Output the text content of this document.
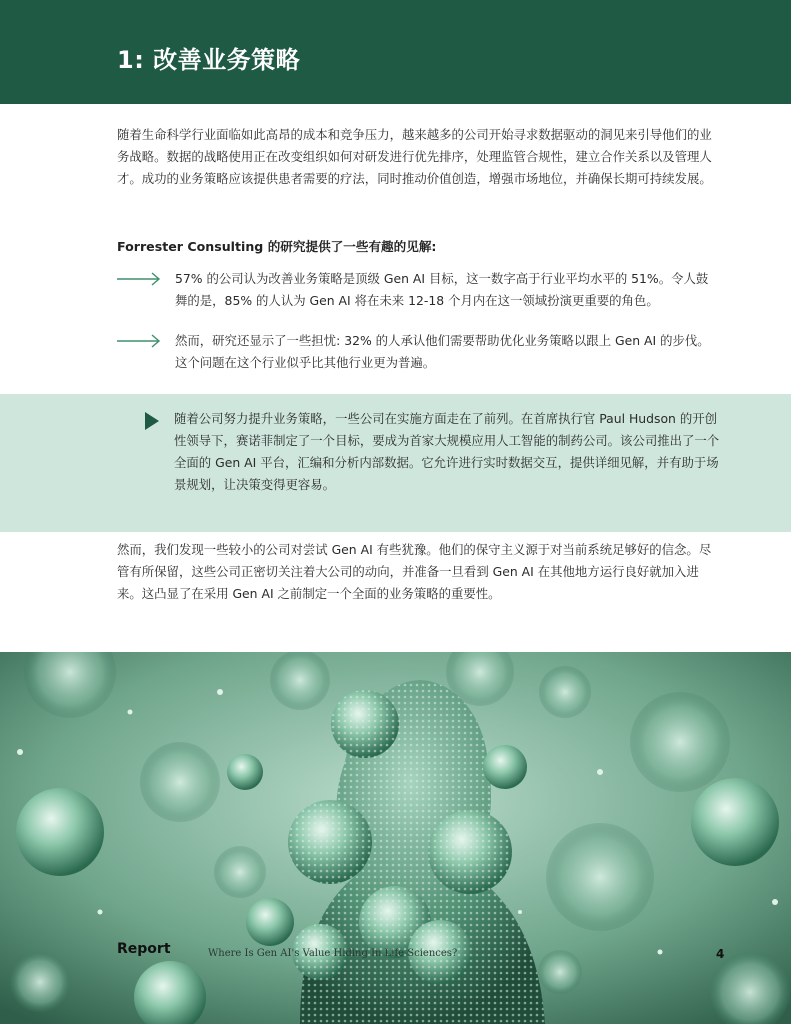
1: 改善业务策略

随着生命科学行业面临如此高昂的成本和竞争压力，越来越多的公司开始寻求数据驱动的洞见来引导他们的业务战略。数据的战略使用正在改变组织如何对研发进行优先排序，处理监管合规性，建立合作关系以及管理人才。成功的业务策略应该提供患者需要的疗法，同时推动价值创造，增强市场地位，并确保长期可持续发展。

Forrester Consulting 的研究提供了一些有趣的见解:

57% 的公司认为改善业务策略是顶级 Gen AI 目标，这一数字高于行业平均水平的 51%。令人鼓舞的是，85% 的人认为 Gen AI 将在未来 12-18 个月内在这一领域扮演更重要的角色。

然而，研究还显示了一些担忧: 32% 的人承认他们需要帮助优化业务策略以跟上 Gen AI 的步伐。这个问题在这个行业似乎比其他行业更为普遍。

随着公司努力提升业务策略，一些公司在实施方面走在了前列。在首席执行官 Paul Hudson 的开创性领导下，赛诺菲制定了一个目标，要成为首家大规模应用人工智能的制药公司。该公司推出了一个全面的 Gen AI 平台，汇编和分析内部数据。它允许进行实时数据交互，提供详细见解，并有助于场景规划，让决策变得更容易。

然而，我们发现一些较小的公司对尝试 Gen AI 有些犹豫。他们的保守主义源于对当前系统足够好的信念。尽管有所保留，这些公司正密切关注着大公司的动向，并准备一旦看到 Gen AI 在其他地方运行良好就加入进来。这凸显了在采用 Gen AI 之前制定一个全面的业务策略的重要性。

Report	Where Is Gen AI's Value Hiding In Life Sciences?	4
